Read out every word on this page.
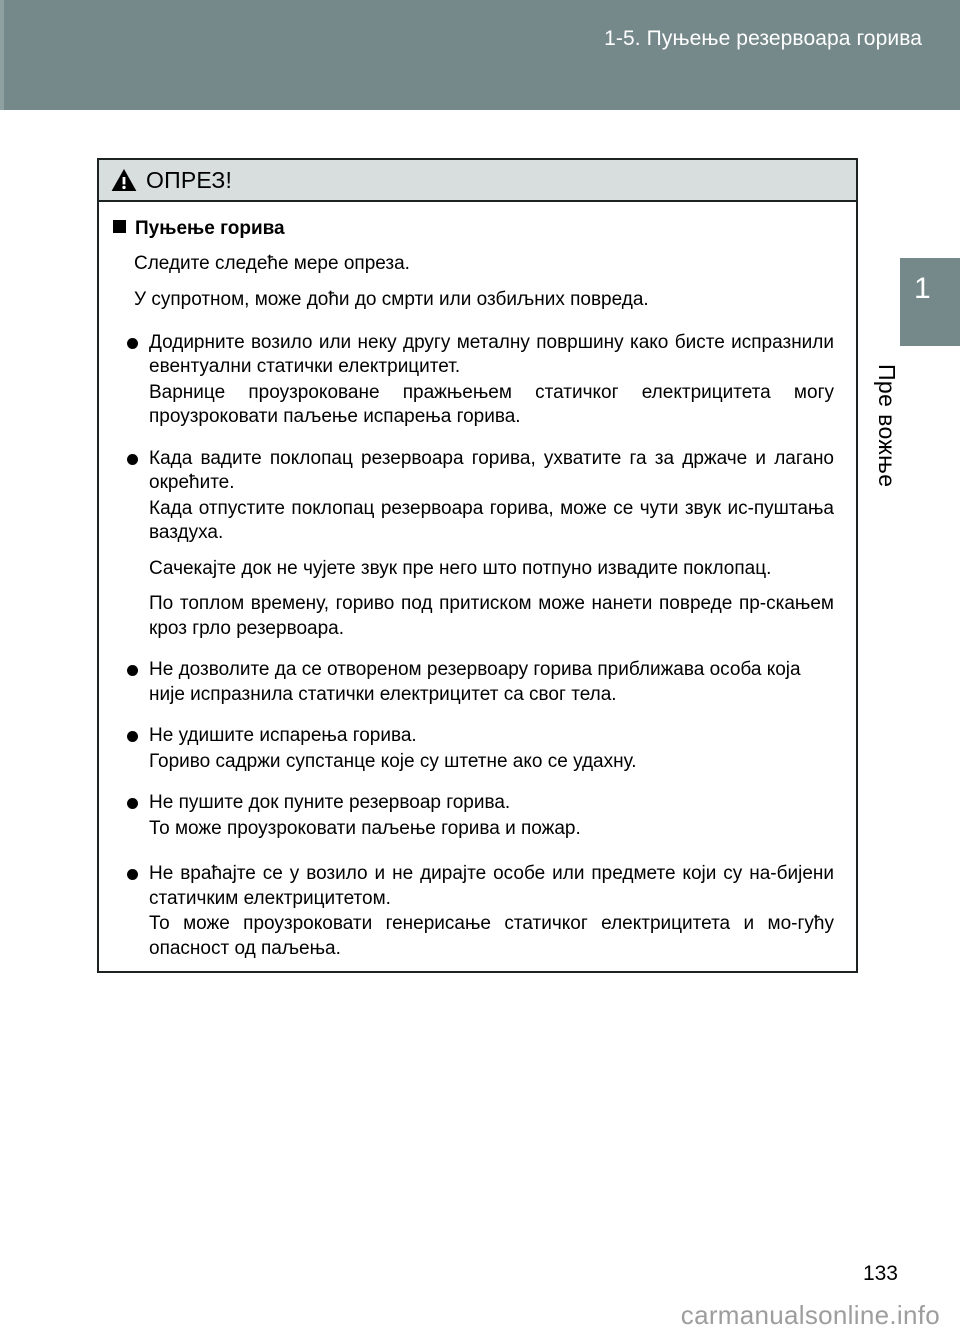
1-5. Пуњење резервоара горива
1
Пре вожње
ОПРЕЗ!
Пуњење горива
Следите следеће мере опреза.
У супротном, може доћи до смрти или озбиљних повреда.

Додирните возило или неку другу металну површину како бисте испразнили евентуални статички електрицитет.

Варнице проузроковане пражњењем статичког електрицитета могу проузроковати паљење испарења горива.

Када вадите поклопац резервоара горива, ухватите га за држаче и лагано окрећите.

Када отпустите поклопац резервоара горива, може се чути звук ис-пуштања ваздуха.

Сачекајте док не чујете звук пре него што потпуно извадите поклопац.

По топлом времену, гориво под притиском може нанети повреде пр-скањем кроз грло резервоара.

Не дозволите да се отвореном резервоару горива приближава особа која није испразнила статички електрицитет са свог тела.

Не удишите испарења горива.

Гориво садржи супстанце које су штетне ако се удахну.

Не пушите док пуните резервоар горива.

То може проузроковати паљење горива и пожар.

Не враћајте се у возило и не дирајте особе или предмете који су на-бијени статичким електрицитетом.

То може проузроковати генерисање статичког електрицитета и мо-гућу опасност од паљења.

133
carmanualsonline.info
